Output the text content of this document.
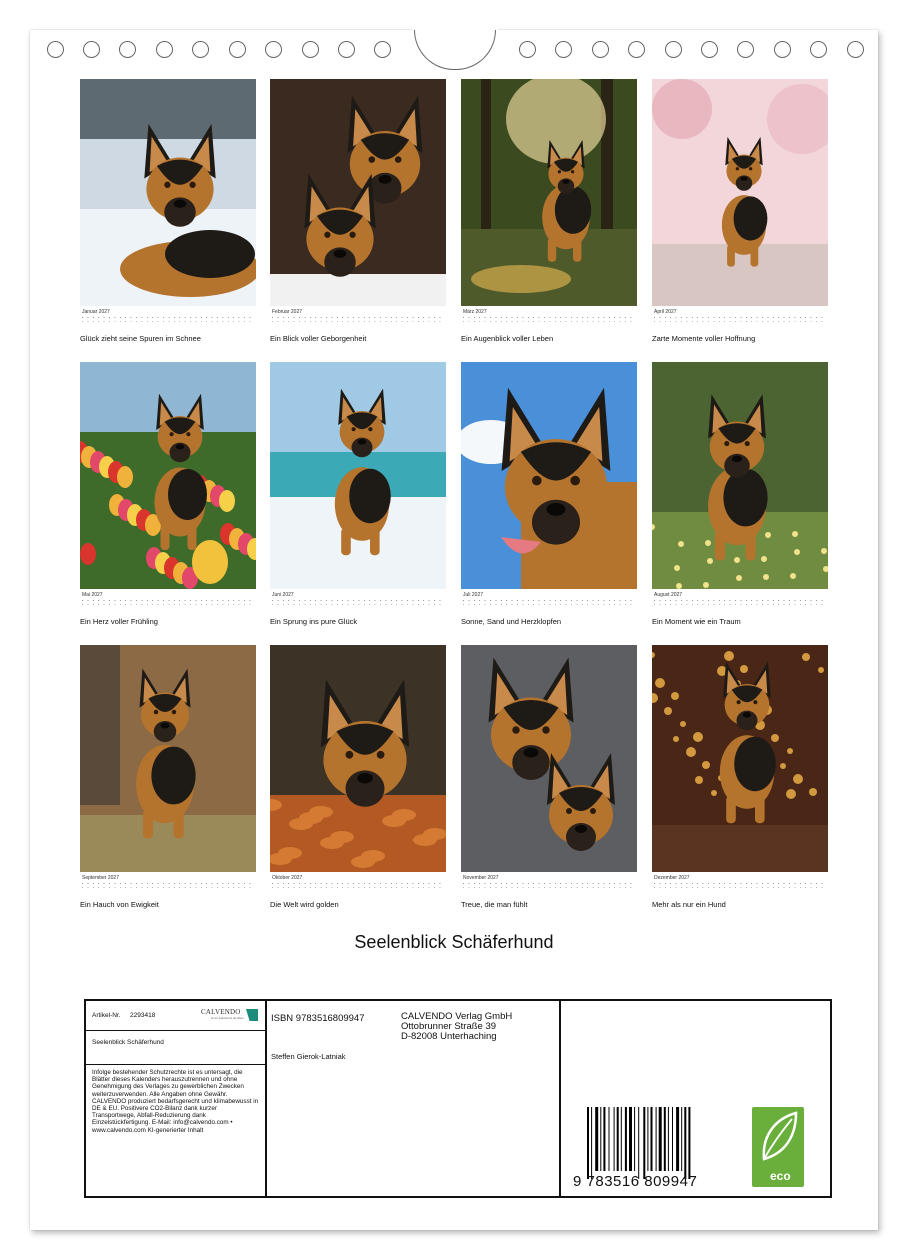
Januar 2027
Glück zieht seine Spuren im Schnee
Februar 2027
Ein Blick voller Geborgenheit
März 2027
Ein Augenblick voller Leben
April 2027
Zarte Momente voller Hoffnung
Mai 2027
Ein Herz voller Frühling
Juni 2027
Ein Sprung ins pure Glück
Juli 2027
Sonne, Sand und Herzklopfen
August 2027
Ein Moment wie ein Traum
September 2027
Ein Hauch von Ewigkeit
Oktober 2027
Die Welt wird golden
November 2027
Treue, die man fühlt
Dezember 2027
Mehr als nur ein Hund
Seelenblick Schäferhund
Artikel-Nr. 2293418	CALVENDO
Kunst. Kalender für die Wand
Seelenblick Schäferhund
Infolge bestehender Schutzrechte ist es untersagt, die Blätter dieses Kalenders herauszutrennen und ohne Genehmigung des Verlages zu gewerblichen Zwecken weiterzuverwenden. Alle Angaben ohne Gewähr. CALVENDO produziert bedarfsgerecht und klimabewusst in DE & EU. Positivere CO2-Bilanz dank kurzer Transportwege, Abfall-Reduzierung dank Einzelstückfertigung. E-Mail: info@calvendo.com • www.calvendo.com KI-generierter Inhalt
ISBN 9783516809947
Steffen Gierok-Latniak
CALVENDO Verlag GmbH
Ottobrunner Straße 39
D-82008 Unterhaching
9 783516 809947	eco
